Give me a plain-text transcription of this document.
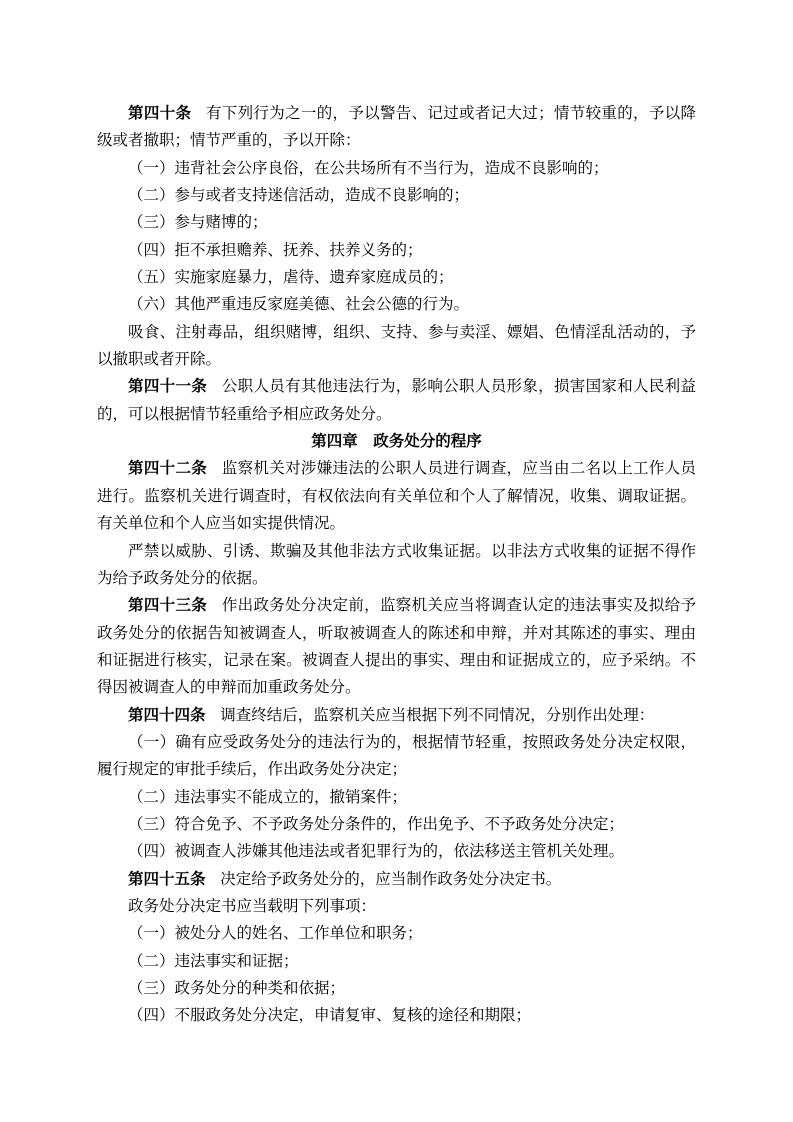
第四十条 有下列行为之一的，予以警告、记过或者记大过；情节较重的，予以降级或者撤职；情节严重的，予以开除：

（一）违背社会公序良俗，在公共场所有不当行为，造成不良影响的；

（二）参与或者支持迷信活动，造成不良影响的；

（三）参与赌博的；

（四）拒不承担赡养、抚养、扶养义务的；

（五）实施家庭暴力，虐待、遗弃家庭成员的；

（六）其他严重违反家庭美德、社会公德的行为。

吸食、注射毒品，组织赌博，组织、支持、参与卖淫、嫖娼、色情淫乱活动的，予以撤职或者开除。

第四十一条 公职人员有其他违法行为，影响公职人员形象，损害国家和人民利益的，可以根据情节轻重给予相应政务处分。

第四章　政务处分的程序

第四十二条 监察机关对涉嫌违法的公职人员进行调查，应当由二名以上工作人员进行。监察机关进行调查时，有权依法向有关单位和个人了解情况，收集、调取证据。有关单位和个人应当如实提供情况。

严禁以威胁、引诱、欺骗及其他非法方式收集证据。以非法方式收集的证据不得作为给予政务处分的依据。

第四十三条 作出政务处分决定前，监察机关应当将调查认定的违法事实及拟给予政务处分的依据告知被调查人，听取被调查人的陈述和申辩，并对其陈述的事实、理由和证据进行核实，记录在案。被调查人提出的事实、理由和证据成立的，应予采纳。不得因被调查人的申辩而加重政务处分。

第四十四条 调查终结后，监察机关应当根据下列不同情况，分别作出处理：

（一）确有应受政务处分的违法行为的，根据情节轻重，按照政务处分决定权限，履行规定的审批手续后，作出政务处分决定；

（二）违法事实不能成立的，撤销案件；

（三）符合免予、不予政务处分条件的，作出免予、不予政务处分决定；

（四）被调查人涉嫌其他违法或者犯罪行为的，依法移送主管机关处理。

第四十五条 决定给予政务处分的，应当制作政务处分决定书。

政务处分决定书应当载明下列事项：

（一）被处分人的姓名、工作单位和职务；

（二）违法事实和证据；

（三）政务处分的种类和依据；

（四）不服政务处分决定，申请复审、复核的途径和期限；
